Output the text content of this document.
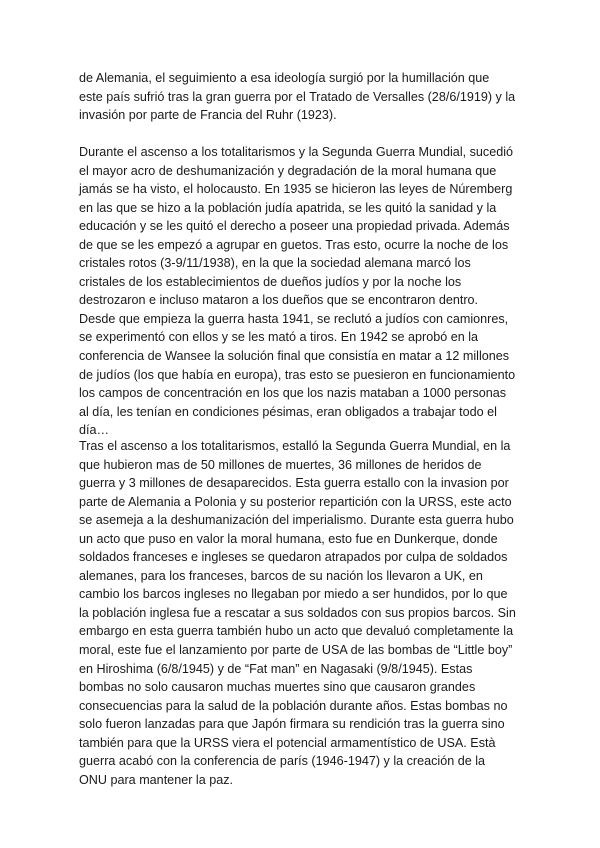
de Alemania, el seguimiento a esa ideología surgió por la humillación que
este país sufrió tras la gran guerra por el Tratado de Versalles (28/6/1919) y la
invasión por parte de Francia del Ruhr (1923).

Durante el ascenso a los totalitarismos y la Segunda Guerra Mundial, sucedió
el mayor acro de deshumanización y degradación de la moral humana que
jamás se ha visto, el holocausto. En 1935 se hicieron las leyes de Núremberg
en las que se hizo a la población judía apatrida, se les quitó la sanidad y la
educación y se les quitó el derecho a poseer una propiedad privada. Además
de que se les empezó a agrupar en guetos. Tras esto, ocurre la noche de los
cristales rotos (3-9/11/1938), en la que la sociedad alemana marcó los
cristales de los establecimientos de dueños judíos y por la noche los
destrozaron e incluso mataron a los dueños que se encontraron dentro.
Desde que empieza la guerra hasta 1941, se reclutó a judíos con camionres,
se experimentó con ellos y se les mató a tiros. En 1942 se aprobó en la
conferencia de Wansee la solución final que consistía en matar a 12 millones
de judíos (los que había en europa), tras esto se puesieron en funcionamiento
los campos de concentración en los que los nazis mataban a 1000 personas
al día, les tenían en condiciones pésimas, eran obligados a trabajar todo el
día…

Tras el ascenso a los totalitarismos, estalló la Segunda Guerra Mundial, en la
que hubieron mas de 50 millones de muertes, 36 millones de heridos de
guerra y 3 millones de desaparecidos. Esta guerra estallo con la invasion por
parte de Alemania a Polonia y su posterior repartición con la URSS, este acto
se asemeja a la deshumanización del imperialismo. Durante esta guerra hubo
un acto que puso en valor la moral humana, esto fue en Dunkerque, donde
soldados franceses e ingleses se quedaron atrapados por culpa de soldados
alemanes, para los franceses, barcos de su nación los llevaron a UK, en
cambio los barcos ingleses no llegaban por miedo a ser hundidos, por lo que
la población inglesa fue a rescatar a sus soldados con sus propios barcos. Sin
embargo en esta guerra también hubo un acto que devaluó completamente la
moral, este fue el lanzamiento por parte de USA de las bombas de “Little boy”
en Hiroshima (6/8/1945) y de “Fat man” en Nagasaki (9/8/1945). Estas
bombas no solo causaron muchas muertes sino que causaron grandes
consecuencias para la salud de la población durante años. Estas bombas no
solo fueron lanzadas para que Japón firmara su rendición tras la guerra sino
también para que la URSS viera el potencial armamentístico de USA. Està
guerra acabó con la conferencia de parís (1946-1947) y la creación de la
ONU para mantener la paz.
